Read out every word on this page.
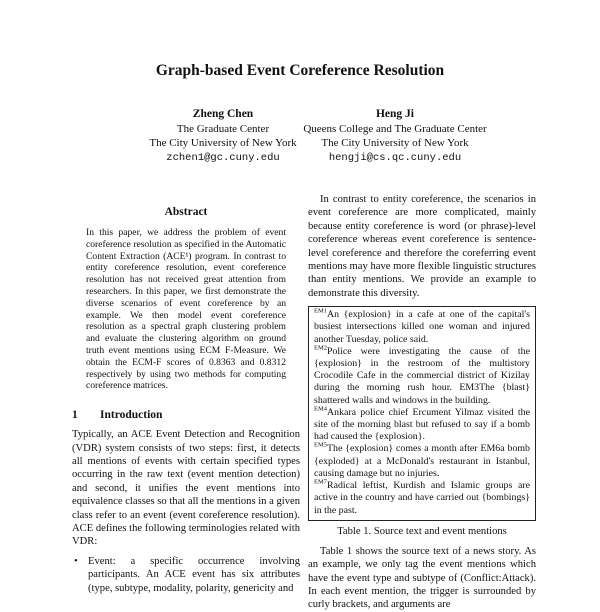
Graph-based Event Coreference Resolution
Zheng Chen
The Graduate Center
The City University of New York
zchen1@gc.cuny.edu
Heng Ji
Queens College and The Graduate Center
The City University of New York
hengji@cs.qc.cuny.edu
Abstract
In this paper, we address the problem of event coreference resolution as specified in the Automatic Content Extraction (ACE¹) program. In contrast to entity coreference resolution, event coreference resolution has not received great attention from researchers. In this paper, we first demonstrate the diverse scenarios of event coreference by an example. We then model event coreference resolution as a spectral graph clustering problem and evaluate the clustering algorithm on ground truth event mentions using ECM F-Measure. We obtain the ECM-F scores of 0.8363 and 0.8312 respectively by using two methods for computing coreference matrices.
1 Introduction
Typically, an ACE Event Detection and Recognition (VDR) system consists of two steps: first, it detects all mentions of events with certain specified types occurring in the raw text (event mention detection) and second, it unifies the event mentions into equivalence classes so that all the mentions in a given class refer to an event (event coreference resolution). ACE defines the following terminologies related with VDR:
• Event: a specific occurrence involving participants. An ACE event has six attributes (type, subtype, modality, polarity, genericity and
In contrast to entity coreference, the scenarios in event coreference are more complicated, mainly because entity coreference is word (or phrase)-level coreference whereas event coreference is sentence-level coreference and therefore the coreferring event mentions may have more flexible linguistic structures than entity mentions. We provide an example to demonstrate this diversity.
$^{EM1}$An {explosion} in a cafe at one of the capital's busiest intersections killed one woman and injured another Tuesday, police said.
$^{EM2}$Police were investigating the cause of the {explosion} in the restroom of the multistory Crocodile Cafe in the commercial district of Kizilay during the morning rush hour. EM3The {blast} shattered walls and windows in the building.
$^{EM4}$Ankara police chief Ercument Yilmaz visited the site of the morning blast but refused to say if a bomb had caused the {explosion}.
$^{EM5}$The {explosion} comes a month after EM6a bomb {exploded} at a McDonald's restaurant in Istanbul, causing damage but no injuries.
$^{EM7}$Radical leftist, Kurdish and Islamic groups are active in the country and have carried out {bombings} in the past.
Table 1. Source text and event mentions
Table 1 shows the source text of a news story. As an example, we only tag the event mentions which have the event type and subtype of (Conflict:Attack). In each event mention, the trigger is surrounded by curly brackets, and arguments are
